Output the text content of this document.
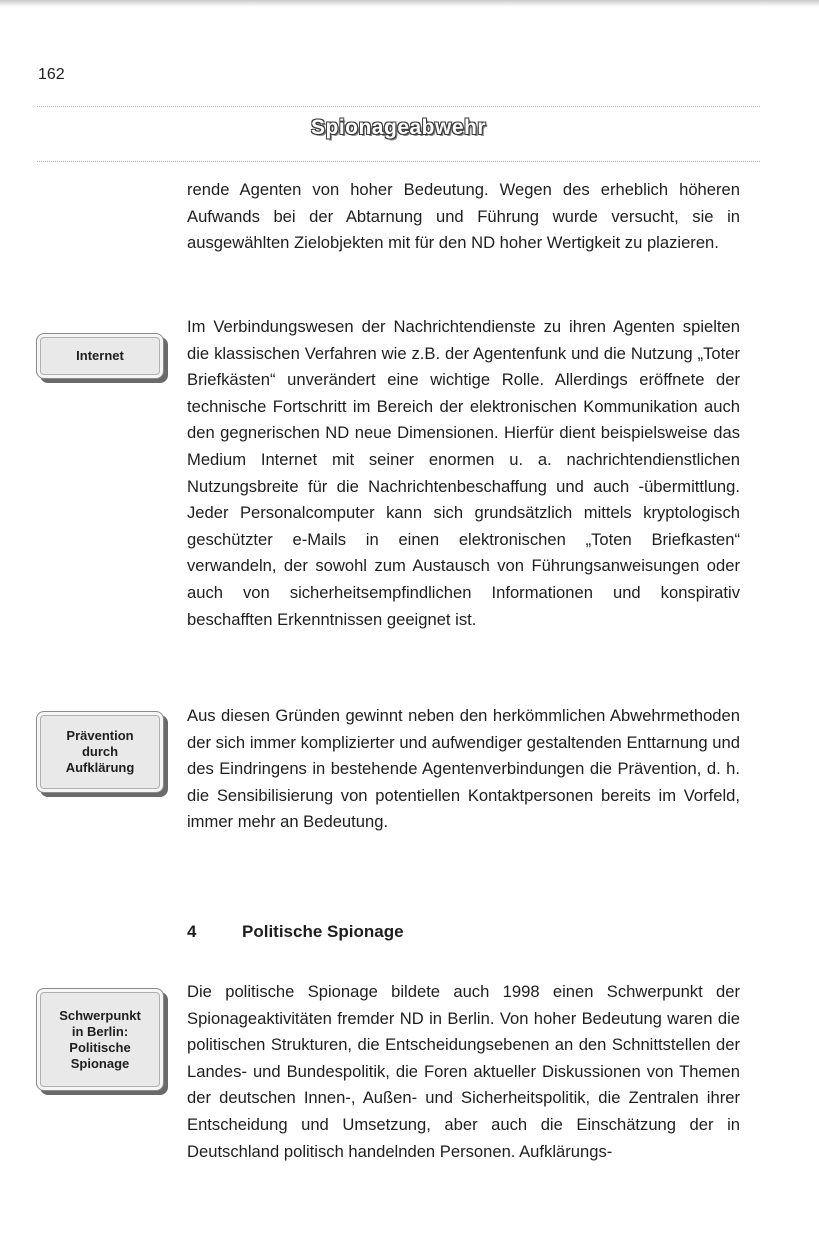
162
Spionageabwehr

rende Agenten von hoher Bedeutung. Wegen des erheblich höheren Aufwands bei der Abtarnung und Führung wurde versucht, sie in ausgewählten Zielobjekten mit für den ND hoher Wertigkeit zu plazieren.

Internet

Im Verbindungswesen der Nachrichtendienste zu ihren Agenten spielten die klassischen Verfahren wie z.B. der Agentenfunk und die Nutzung „Toter Briefkästen“ unverändert eine wichtige Rolle. Allerdings eröffnete der technische Fortschritt im Bereich der elektronischen Kommunikation auch den gegnerischen ND neue Dimensionen. Hierfür dient beispielsweise das Medium Internet mit seiner enormen u. a. nachrichtendienstlichen Nutzungsbreite für die Nachrichtenbeschaffung und auch -übermittlung. Jeder Personalcomputer kann sich grundsätzlich mittels kryptologisch geschützter e-Mails in einen elektronischen „Toten Briefkasten“ verwandeln, der sowohl zum Austausch von Führungsanweisungen oder auch von sicherheitsempfindlichen Informationen und konspirativ beschafften Erkenntnissen geeignet ist.

Prävention
durch
Aufklärung

Aus diesen Gründen gewinnt neben den herkömmlichen Abwehrmethoden der sich immer komplizierter und aufwendiger gestaltenden Enttarnung und des Eindringens in bestehende Agentenverbindungen die Prävention, d. h. die Sensibilisierung von potentiellen Kontaktpersonen bereits im Vorfeld, immer mehr an Bedeutung.

4	Politische Spionage
Schwerpunkt
in Berlin:
Politische
Spionage

Die politische Spionage bildete auch 1998 einen Schwerpunkt der Spionageaktivitäten fremder ND in Berlin. Von hoher Bedeutung waren die politischen Strukturen, die Entscheidungsebenen an den Schnittstellen der Landes- und Bundespolitik, die Foren aktueller Diskussionen von Themen der deutschen Innen-, Außen- und Sicherheitspolitik, die Zentralen ihrer Entscheidung und Umsetzung, aber auch die Einschätzung der in Deutschland politisch handelnden Personen. Aufklärungs-
